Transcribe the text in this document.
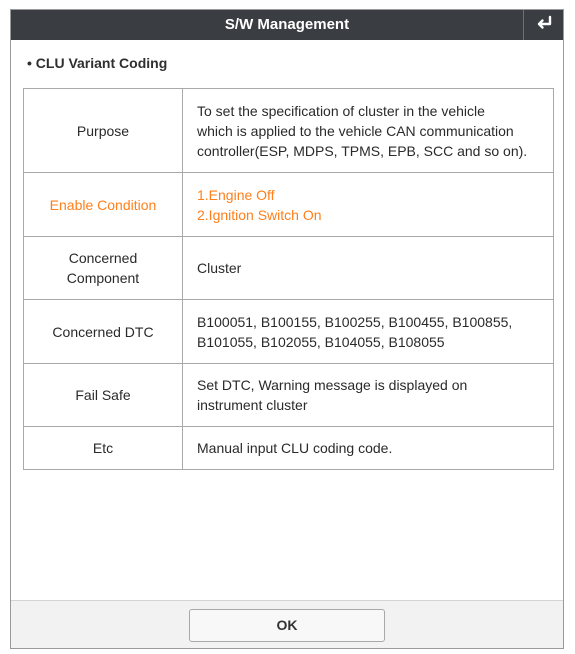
S/W Management
• CLU Variant Coding
Purpose	To set the specification of cluster in the vehicle
which is applied to the vehicle CAN communication
controller(ESP, MDPS, TPMS, EPB, SCC and so on).

Enable Condition	1.Engine Off
2.Ignition Switch On

Concerned
Component	Cluster

Concerned DTC	B100051, B100155, B100255, B100455, B100855,
B101055, B102055, B104055, B108055

Fail Safe	Set DTC, Warning message is displayed on
instrument cluster

Etc	Manual input CLU coding code.
OK
